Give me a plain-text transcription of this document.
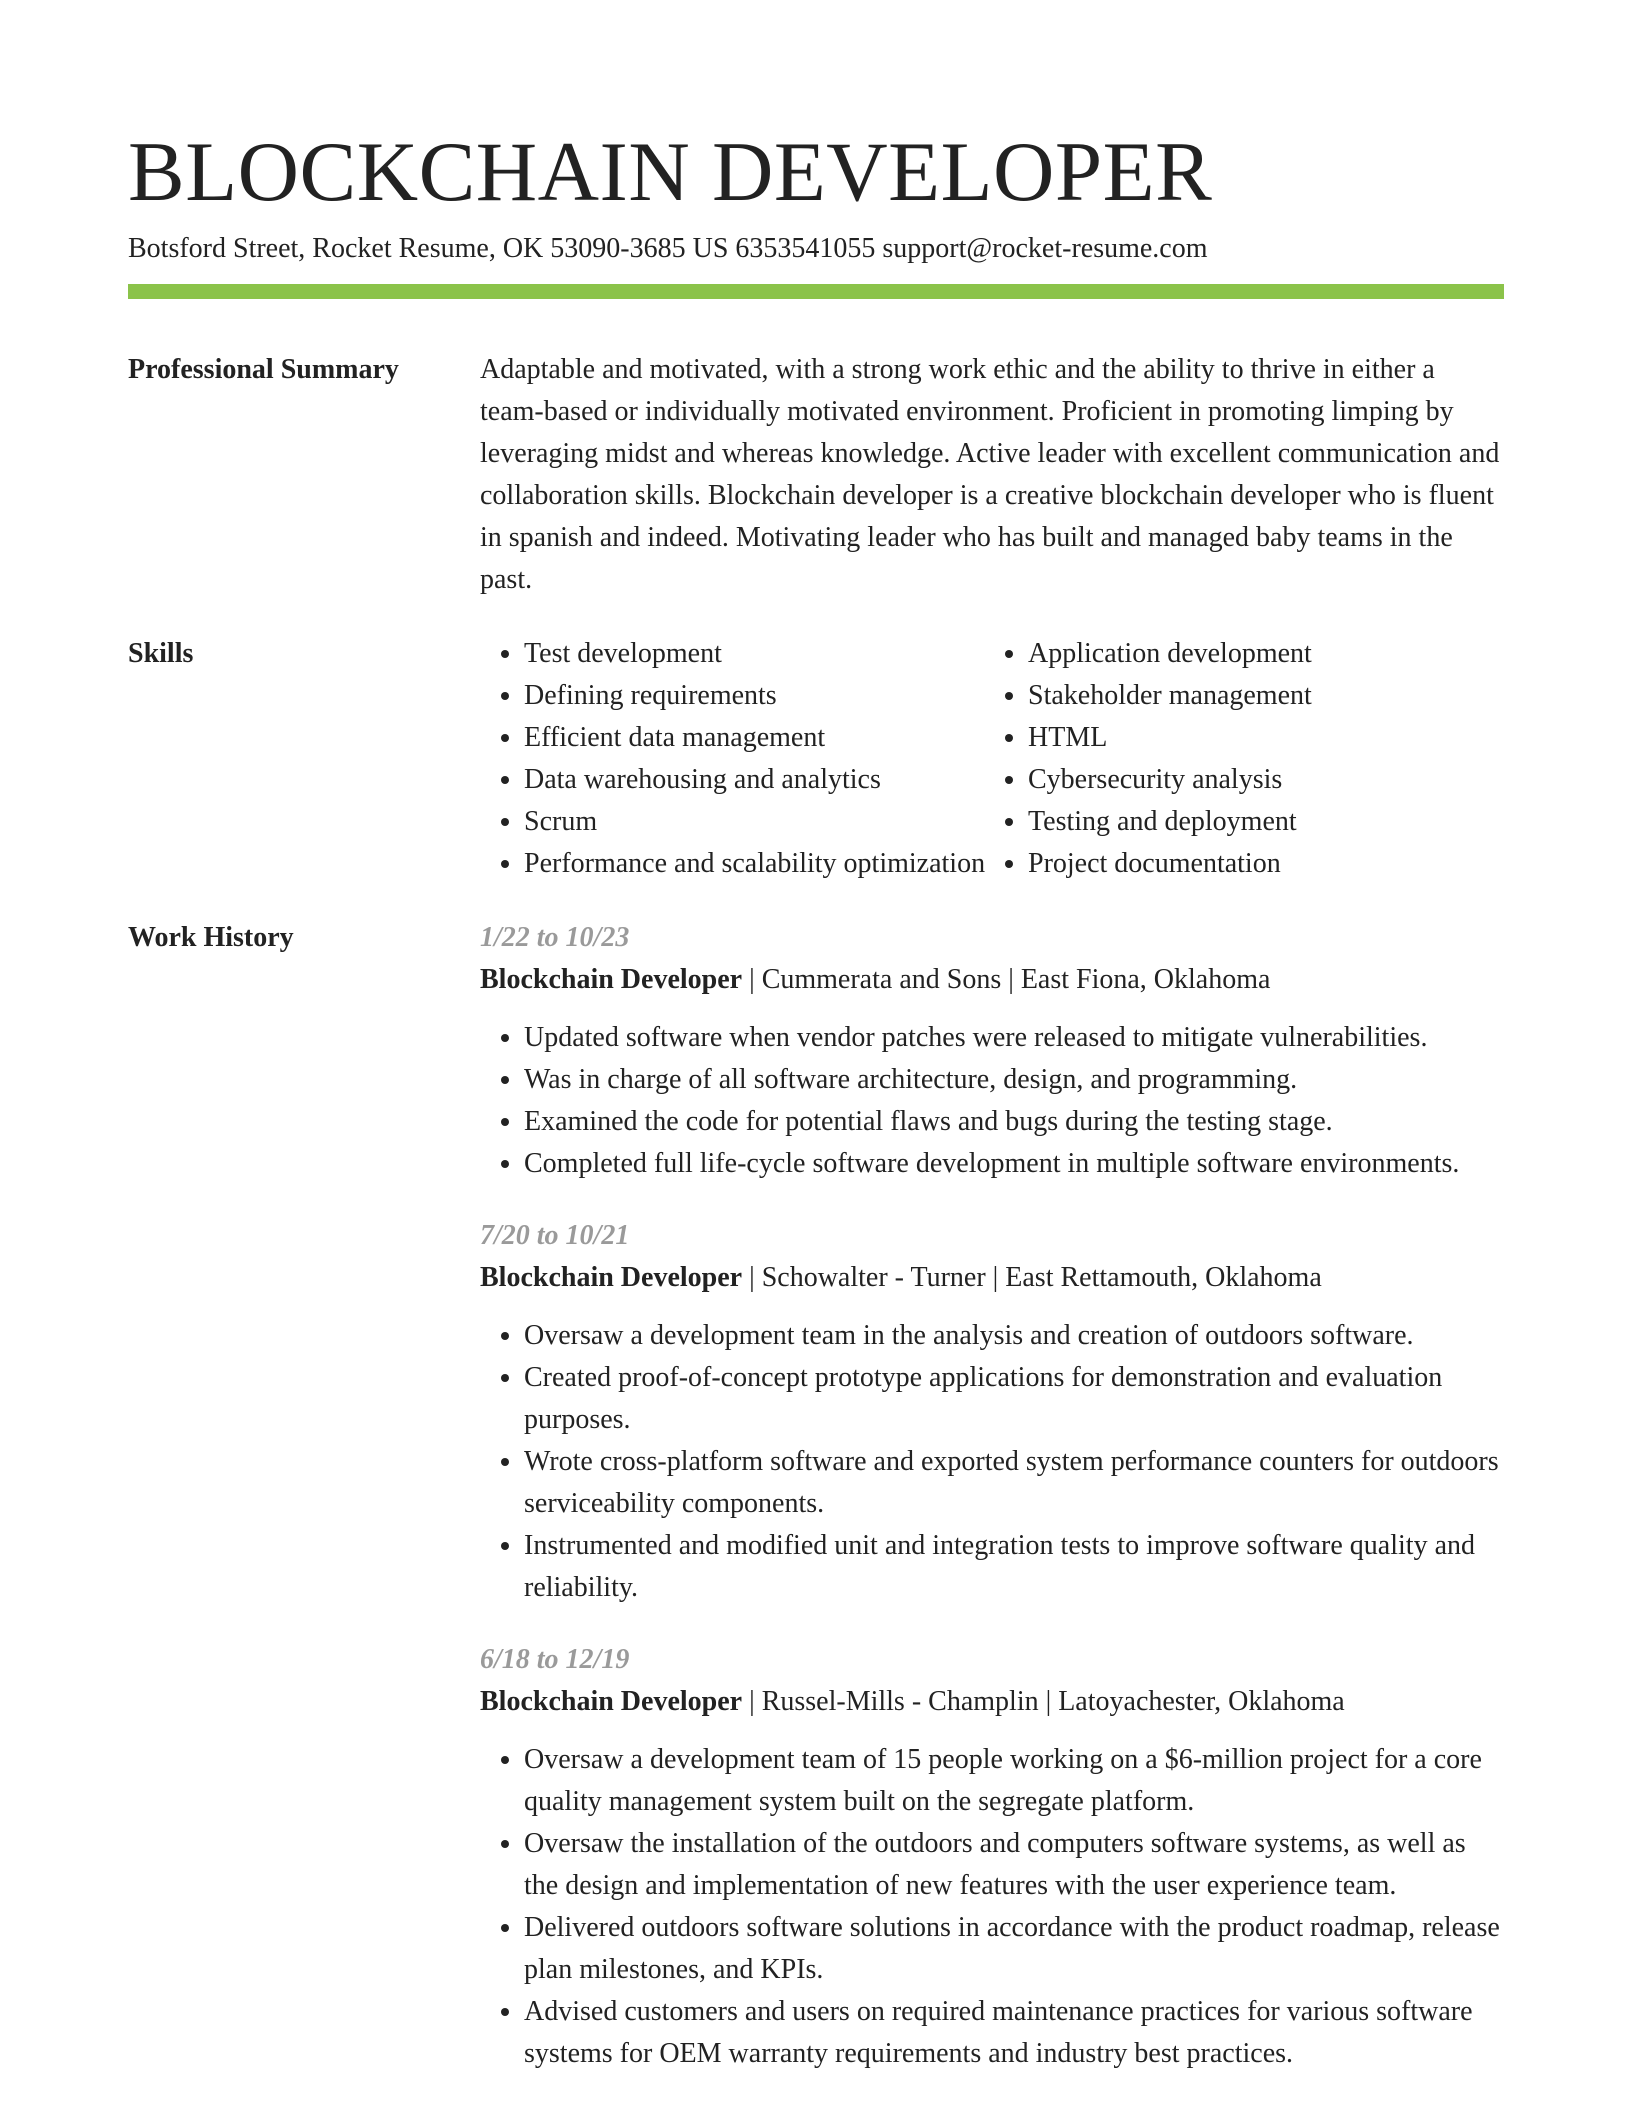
BLOCKCHAIN DEVELOPER
Botsford Street, Rocket Resume, OK 53090-3685 US 6353541055 support@rocket-resume.com
Professional Summary	Adaptable and motivated, with a strong work ethic and the ability to thrive in either a team-based or individually motivated environment. Proficient in promoting limping by leveraging midst and whereas knowledge. Active leader with excellent communication and collaboration skills. Blockchain developer is a creative blockchain developer who is fluent in spanish and indeed. Motivating leader who has built and managed baby teams in the past.
Skills
•	Test development
• Defining requirements
• Efficient data management
• Data warehousing and analytics
• Scrum
• Performance and scalability optimization
• Application development
• Stakeholder management
• HTML
• Cybersecurity analysis
• Testing and deployment
• Project documentation
Work History	1/22 to 10/23
Blockchain Developer | Cummerata and Sons | East Fiona, Oklahoma
• Updated software when vendor patches were released to mitigate vulnerabilities.
• Was in charge of all software architecture, design, and programming.
• Examined the code for potential flaws and bugs during the testing stage.
• Completed full life-cycle software development in multiple software environments.
7/20 to 10/21
Blockchain Developer | Schowalter - Turner | East Rettamouth, Oklahoma
• Oversaw a development team in the analysis and creation of outdoors software.
• Created proof-of-concept prototype applications for demonstration and evaluation purposes.
• Wrote cross-platform software and exported system performance counters for outdoors serviceability components.
• Instrumented and modified unit and integration tests to improve software quality and reliability.
6/18 to 12/19
Blockchain Developer | Russel-Mills - Champlin | Latoyachester, Oklahoma
• Oversaw a development team of 15 people working on a $6-million project for a core quality management system built on the segregate platform.
• Oversaw the installation of the outdoors and computers software systems, as well as the design and implementation of new features with the user experience team.
• Delivered outdoors software solutions in accordance with the product roadmap, release plan milestones, and KPIs.
• Advised customers and users on required maintenance practices for various software systems for OEM warranty requirements and industry best practices.
